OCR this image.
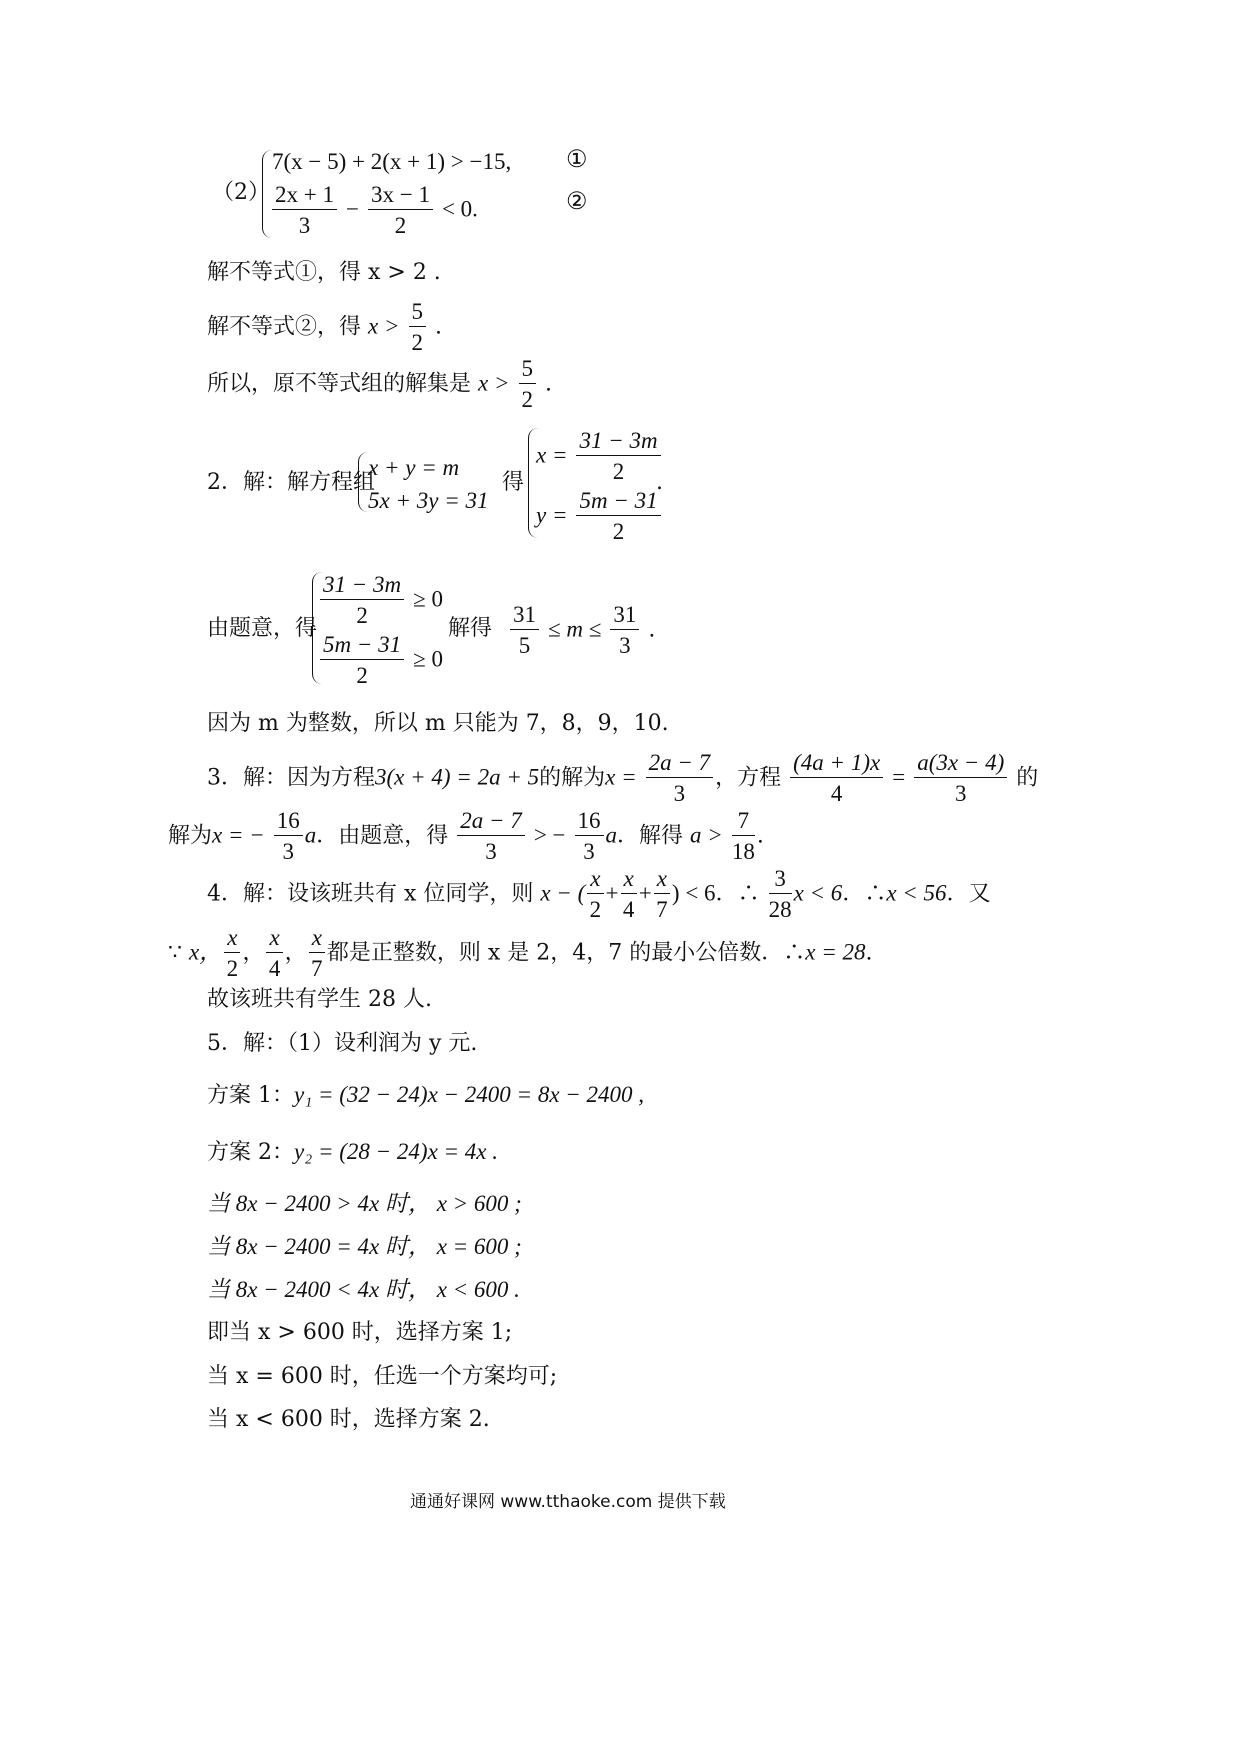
（2）
7(x − 5) + 2(x + 1) > −15,
$\frac{2x + 1}{3} - \frac{3x - 1}{2} < 0$.
①
②
解不等式①，得 x > 2 .
解不等式②，得 $x > \frac{5}{2}$ .
所以，原不等式组的解集是 $x > \frac{5}{2}$ .
2．解：解方程组
x + y = m
5x + 3y = 31
得
$x = \frac{31 - 3m}{2}$
$y = \frac{5m - 31}{2}$
.
由题意，得 $\frac{31 - 3m}{2} \ge 0$
$\frac{5m - 31}{2} \ge 0$
解得 $\frac{31}{5} \le m \le \frac{31}{3}$ .
因为 m 为整数，所以 m 只能为 7，8，9，10.
3．解：因为方程3(x + 4) = 2a + 5的解为$x = \frac{2a - 7}{3}$ ，方程 $\frac{(4a + 1)x}{4} = \frac{a(3x - 4)}{3}$ 的
解为x = − $\frac{16}{3}$ a．由题意，得 $\frac{2a - 7}{3}$ > − $\frac{16}{3}$ a．解得 $a > \frac{7}{18}$ .
4．解：设该班共有 x 位同学，则 x − ( $\frac{x}{2} + \frac{x}{4} + \frac{x}{7}$ ) < 6．∴ $\frac{3}{28}$ x < 6．∴x < 56．又
∵ x， $\frac{x}{2}$ ， $\frac{x}{4}$ ， $\frac{x}{7}$ 都是正整数，则 x 是 2，4，7 的最小公倍数．∴x = 28.
故该班共有学生 28 人.
5．解：（1）设利润为 y 元.
方案 1：y₁ = (32 − 24)x − 2400 = 8x − 2400 ,
方案 2：y₂ = (28 − 24)x = 4x .
当 8x − 2400 > 4x 时， x > 600 ;
当 8x − 2400 = 4x 时， x = 600 ;
当 8x − 2400 < 4x 时， x < 600 .
即当 x > 600 时，选择方案 1;
当 x = 600 时，任选一个方案均可;
当 x < 600 时，选择方案 2.
通通好课网 www.tthaoke.com 提供下载
